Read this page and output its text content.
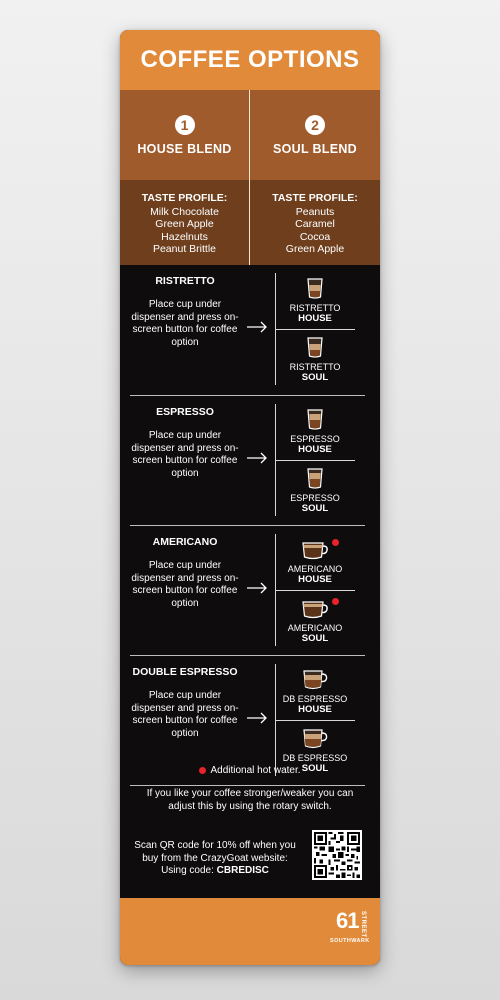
COFFEE OPTIONS
1
HOUSE BLEND
2
SOUL BLEND
TASTE PROFILE:
Milk Chocolate
Green Apple
Hazelnuts
Peanut Brittle
TASTE PROFILE:
Peanuts
Caramel
Cocoa
Green Apple
RISTRETTO
Place cup under dispenser and press on-screen button for coffee option
RISTRETTO
HOUSE
RISTRETTO
SOUL
ESPRESSO
Place cup under dispenser and press on-screen button for coffee option
ESPRESSO
HOUSE
ESPRESSO
SOUL
AMERICANO
Place cup under dispenser and press on-screen button for coffee option
AMERICANO
HOUSE
AMERICANO
SOUL
DOUBLE ESPRESSO
Place cup under dispenser and press on-screen button for coffee option
DB ESPRESSO
HOUSE
DB ESPRESSO
SOUL
Additional hot water.
If you like your coffee stronger/weaker you can adjust this by using the rotary switch.
Scan QR code for 10% off when you buy from the CrazyGoat website:
Using code: CBREDISC
61 STREET
SOUTHWARK
